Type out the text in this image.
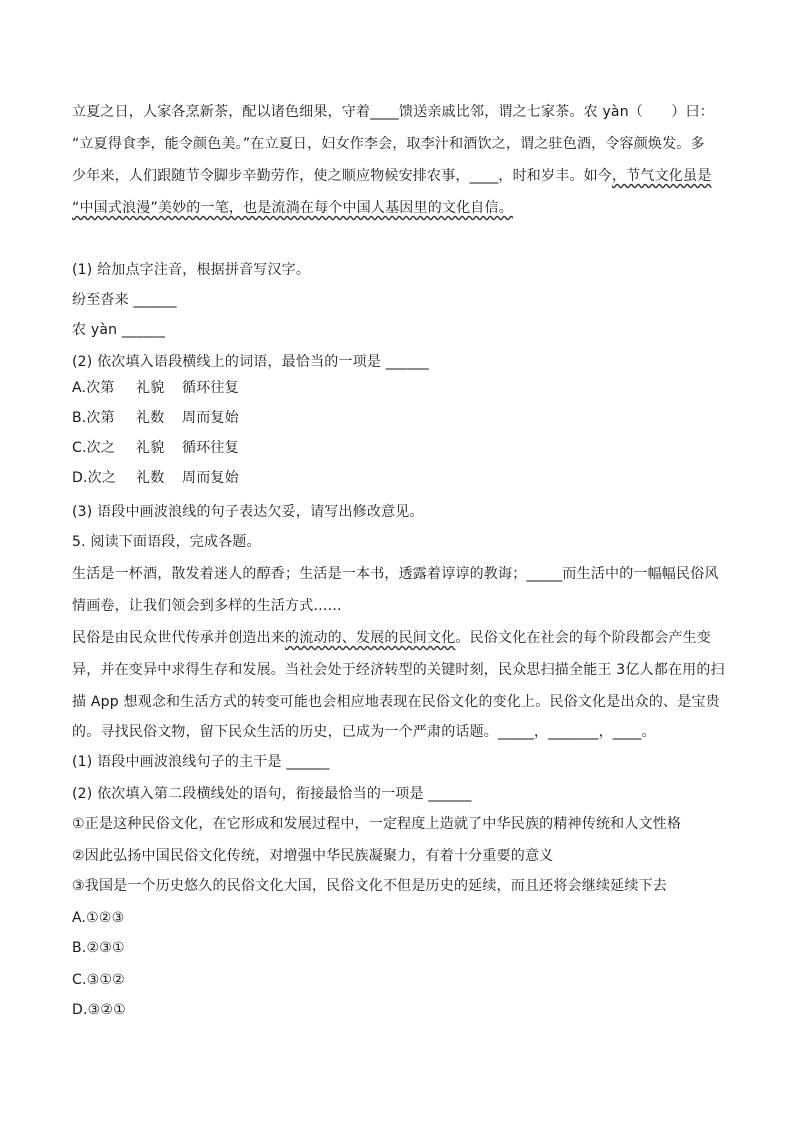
立夏之日，人家各烹新茶，配以诸色细果，守着____馈送亲戚比邻，谓之七家茶。农 yàn（　　）曰：
“立夏得食李，能令颜色美。”在立夏日，妇女作李会，取李汁和酒饮之，谓之驻色酒，令容颜焕发。多
少年来，人们跟随节令脚步辛勤劳作，使之顺应物候安排农事，____，时和岁丰。如今，节气文化虽是
“中国式浪漫”美妙的一笔，也是流淌在每个中国人基因里的文化自信。
(1) 给加点字注音，根据拼音写汉字。
纷至沓来 ______
农 yàn ______
(2) 依次填入语段横线上的词语，最恰当的一项是 ______
A.次第 礼貌 循环往复
B.次第 礼数 周而复始
C.次之 礼貌 循环往复
D.次之 礼数 周而复始
(3) 语段中画波浪线的句子表达欠妥，请写出修改意见。
5. 阅读下面语段，完成各题。
生活是一杯酒，散发着迷人的醇香；生活是一本书，透露着谆谆的教诲；_____而生活中的一幅幅民俗风
情画卷，让我们领会到多样的生活方式……
民俗是由民众世代传承并创造出来的流动的、发展的民间文化。民俗文化在社会的每个阶段都会产生变
异，并在变异中求得生存和发展。当社会处于经济转型的关键时刻，民众思扫描全能王 3亿人都在用的扫
描 App 想观念和生活方式的转变可能也会相应地表现在民俗文化的变化上。民俗文化是出众的、是宝贵
的。寻找民俗文物，留下民众生活的历史，已成为一个严肃的话题。_____，_______，____。
(1) 语段中画波浪线句子的主干是 ______
(2) 依次填入第二段横线处的语句，衔接最恰当的一项是 ______
①正是这种民俗文化，在它形成和发展过程中，一定程度上造就了中华民族的精神传统和人文性格
②因此弘扬中国民俗文化传统，对增强中华民族凝聚力，有着十分重要的意义
③我国是一个历史悠久的民俗文化大国，民俗文化不但是历史的延续，而且还将会继续延续下去
A.①②③
B.②③①
C.③①②
D.③②①
